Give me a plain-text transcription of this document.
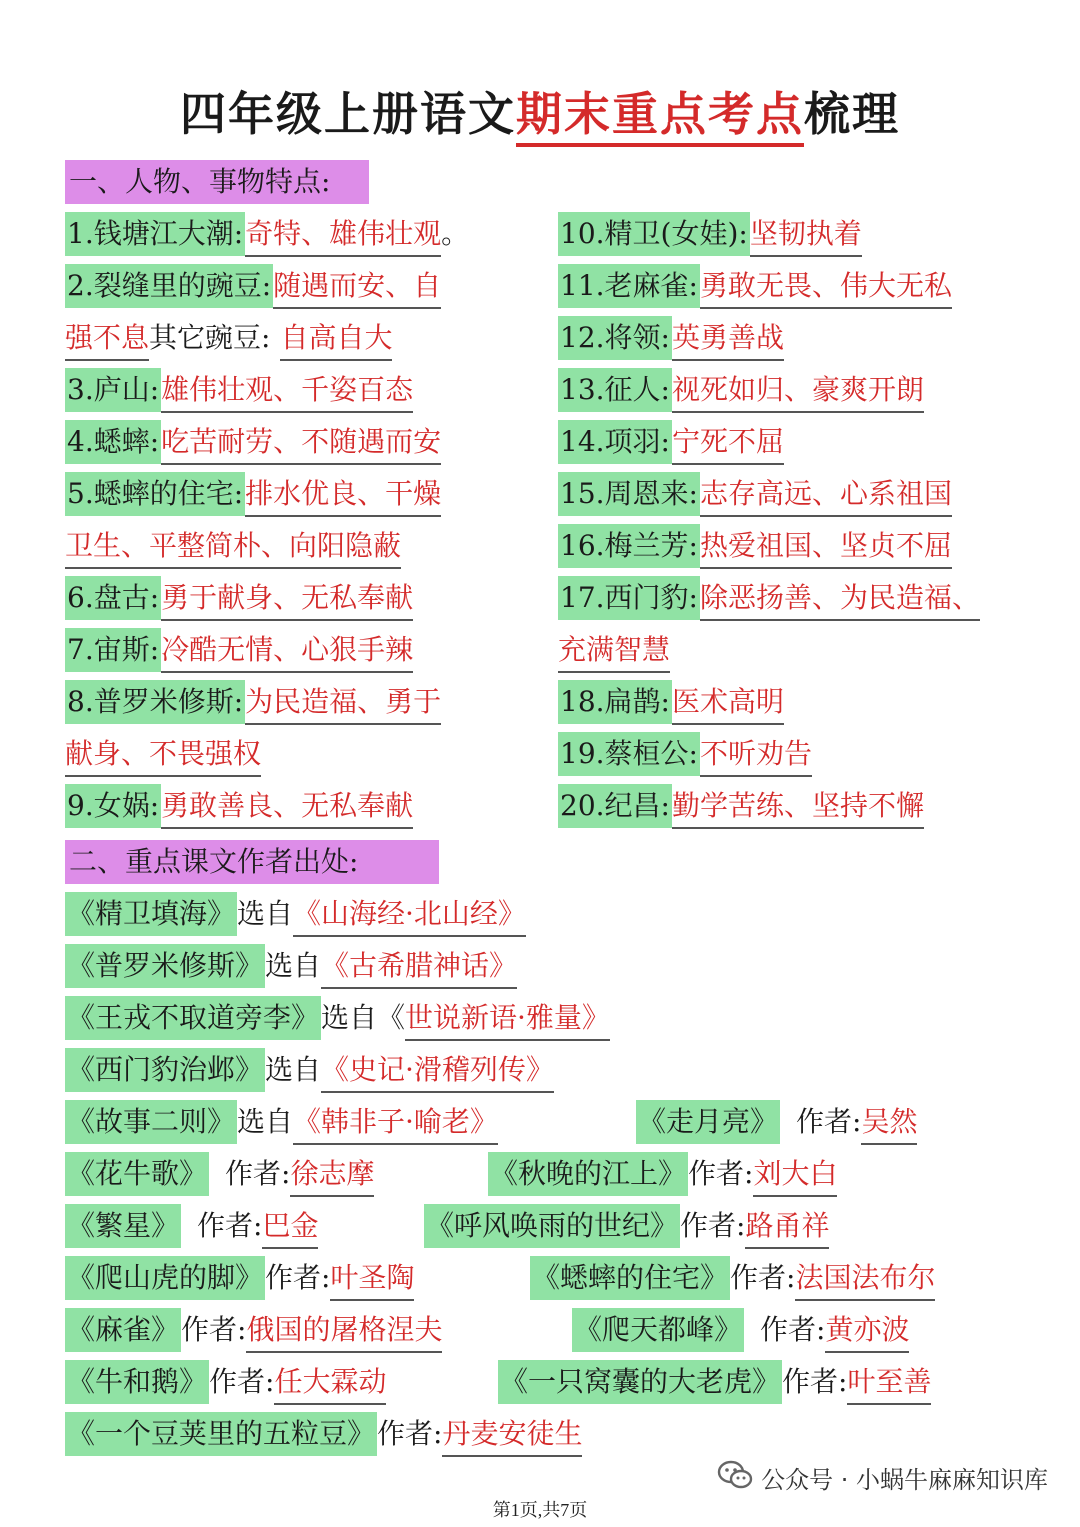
四年级上册语文期末重点考点梳理
一、人物、事物特点:
1.钱塘江大潮:奇特、雄伟壮观。
2.裂缝里的豌豆:随遇而安、自
强不息其它豌豆: 自高自大
3.庐山:雄伟壮观、千姿百态
4.蟋蟀:吃苦耐劳、不随遇而安
5.蟋蟀的住宅:排水优良、干燥
卫生、平整简朴、向阳隐蔽
6.盘古:勇于献身、无私奉献
7.宙斯:冷酷无情、心狠手辣
8.普罗米修斯:为民造福、勇于
献身、不畏强权
9.女娲:勇敢善良、无私奉献
10.精卫(女娃):坚韧执着
11.老麻雀:勇敢无畏、伟大无私
12.将领:英勇善战
13.征人:视死如归、豪爽开朗
14.项羽:宁死不屈
15.周恩来:志存高远、心系祖国
16.梅兰芳:热爱祖国、坚贞不屈
17.西门豹:除恶扬善、为民造福、
充满智慧
18.扁鹊:医术高明
19.蔡桓公:不听劝告
20.纪昌:勤学苦练、坚持不懈
二、重点课文作者出处:
《精卫填海》选自《山海经·北山经》
《普罗米修斯》选自《古希腊神话》
《王戎不取道旁李》选自《世说新语·雅量》
《西门豹治邺》选自《史记·滑稽列传》
《故事二则》选自《韩非子·喻老》	《走月亮》 作者:吴然
《花牛歌》 作者:徐志摩	《秋晚的江上》作者:刘大白
《繁星》 作者:巴金	《呼风唤雨的世纪》作者:路甬祥
《爬山虎的脚》作者:叶圣陶	《蟋蟀的住宅》作者:法国法布尔
《麻雀》作者:俄国的屠格涅夫	《爬天都峰》 作者:黄亦波
《牛和鹅》作者:任大霖动	《一只窝囊的大老虎》作者:叶至善
《一个豆荚里的五粒豆》作者:丹麦安徒生
公众号 · 小蜗牛麻麻知识库
第1页,共7页
